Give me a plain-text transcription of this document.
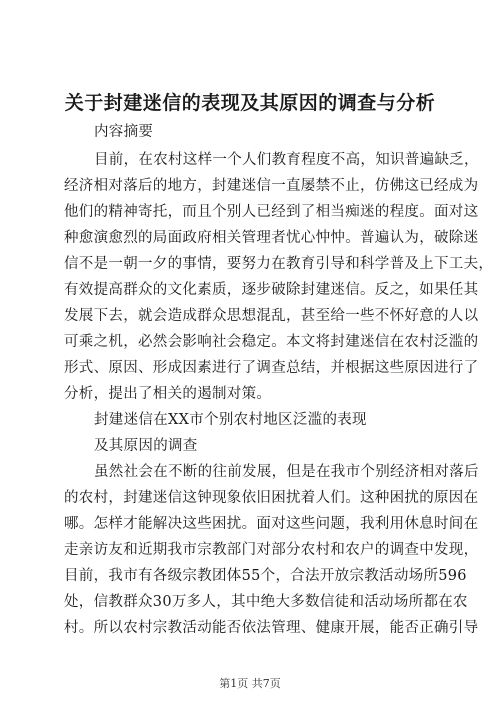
关于封建迷信的表现及其原因的调查与分析
内容摘要
目前，在农村这样一个人们教育程度不高，知识普遍缺乏，
经济相对落后的地方，封建迷信一直屡禁不止，仿佛这已经成为
他们的精神寄托，而且个别人已经到了相当痴迷的程度。面对这
种愈演愈烈的局面政府相关管理者忧心忡忡。普遍认为，破除迷
信不是一朝一夕的事情，要努力在教育引导和科学普及上下工夫，
有效提高群众的文化素质，逐步破除封建迷信。反之，如果任其
发展下去，就会造成群众思想混乱，甚至给一些不怀好意的人以
可乘之机，必然会影响社会稳定。本文将封建迷信在农村泛滥的
形式、原因、形成因素进行了调查总结，并根据这些原因进行了
分析，提出了相关的遏制对策。
封建迷信在XX市个别农村地区泛滥的表现
及其原因的调查
虽然社会在不断的往前发展，但是在我市个别经济相对落后
的农村，封建迷信这钟现象依旧困扰着人们。这种困扰的原因在
哪。怎样才能解决这些困扰。面对这些问题，我利用休息时间在
走亲访友和近期我市宗教部门对部分农村和农户的调查中发现，
目前，我市有各级宗教团体55个，合法开放宗教活动场所596
处，信教群众30万多人，其中绝大多数信徒和活动场所都在农
村。所以农村宗教活动能否依法管理、健康开展，能否正确引导
第1页 共7页
